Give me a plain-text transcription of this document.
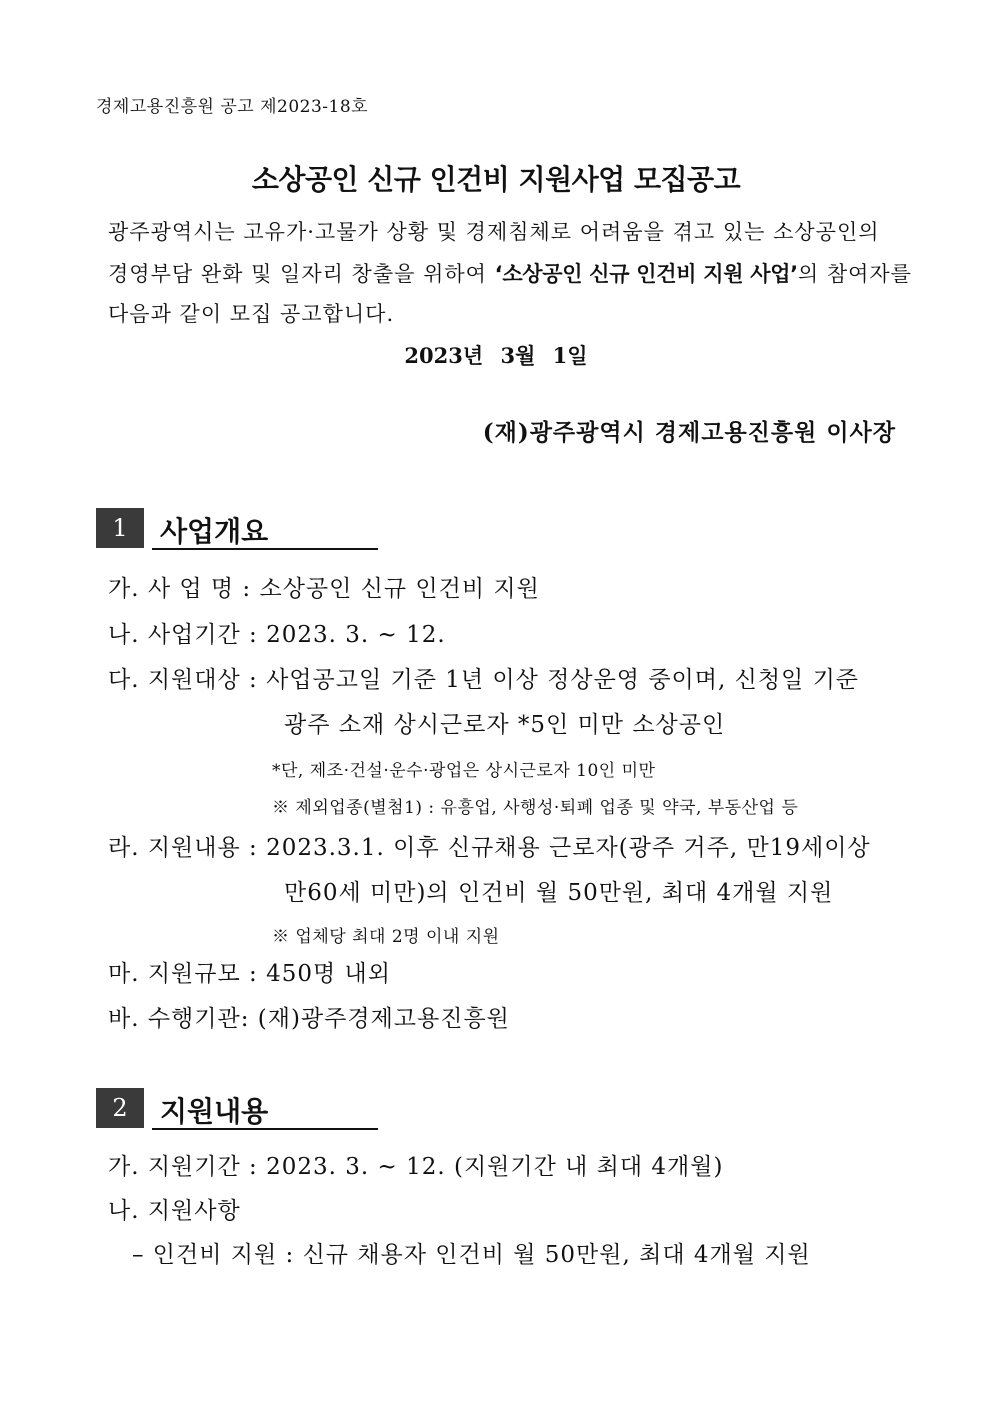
경제고용진흥원 공고 제2023-18호
소상공인 신규 인건비 지원사업 모집공고
광주광역시는 고유가·고물가 상황 및 경제침체로 어려움을 겪고 있는 소상공인의
경영부담 완화 및 일자리 창출을 위하여 ‘소상공인 신규 인건비 지원 사업’의 참여자를
다음과 같이 모집 공고합니다.
2023년 3월 1일
(재)광주광역시 경제고용진흥원 이사장
1	사업개요
가. 사 업 명 : 소상공인 신규 인건비 지원
나. 사업기간 : 2023. 3. ~ 12.
다. 지원대상 : 사업공고일 기준 1년 이상 정상운영 중이며, 신청일 기준
광주 소재 상시근로자 *5인 미만 소상공인
*단, 제조·건설·운수·광업은 상시근로자 10인 미만
※ 제외업종(별첨1) : 유흥업, 사행성·퇴폐 업종 및 약국, 부동산업 등
라. 지원내용 : 2023.3.1. 이후 신규채용 근로자(광주 거주, 만19세이상
만60세 미만)의 인건비 월 50만원, 최대 4개월 지원
※ 업체당 최대 2명 이내 지원
마. 지원규모 : 450명 내외
바. 수행기관: (재)광주경제고용진흥원
2	지원내용
가. 지원기간 : 2023. 3. ~ 12. (지원기간 내 최대 4개월)
나. 지원사항
– 인건비 지원 : 신규 채용자 인건비 월 50만원, 최대 4개월 지원
